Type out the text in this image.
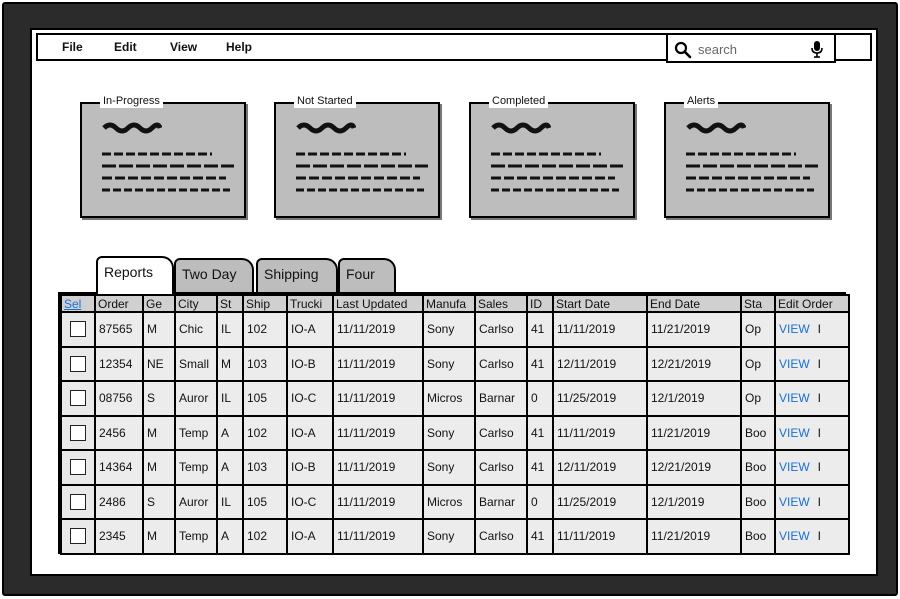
File	Edit	View Help
search
In-Progress	Not Started	Completed	Alerts
Reports	Two Day	Shipping	Four
Sel	Order	Ge	City	St	Ship	Trucki	Last Updated	Manufa	Sales	ID	Start Date	End Date	Sta	Edit Order
	87565	M	Chic	IL	102	IO-A	11/11/2019	Sony	Carlso	41	11/11/2019	11/21/2019	Op	VIEW I
	12354	NE	Small	M	103	IO-B	11/11/2019	Sony	Carlso	41	12/11/2019	12/21/2019	Op	VIEW I
	08756	S	Auror	IL	105	IO-C	11/11/2019	Micros	Barnar	0	11/25/2019	12/1/2019	Op	VIEW I
	2456	M	Temp	A	102	IO-A	11/11/2019	Sony	Carlso	41	11/11/2019	11/21/2019	Boo	VIEW I
	14364	M	Temp	A	103	IO-B	11/11/2019	Sony	Carlso	41	12/11/2019	12/21/2019	Boo	VIEW I
	2486	S	Auror	IL	105	IO-C	11/11/2019	Micros	Barnar	0	11/25/2019	12/1/2019	Boo	VIEW I
	2345	M	Temp	A	102	IO-A	11/11/2019	Sony	Carlso	41	11/11/2019	11/21/2019	Boo	VIEW I
